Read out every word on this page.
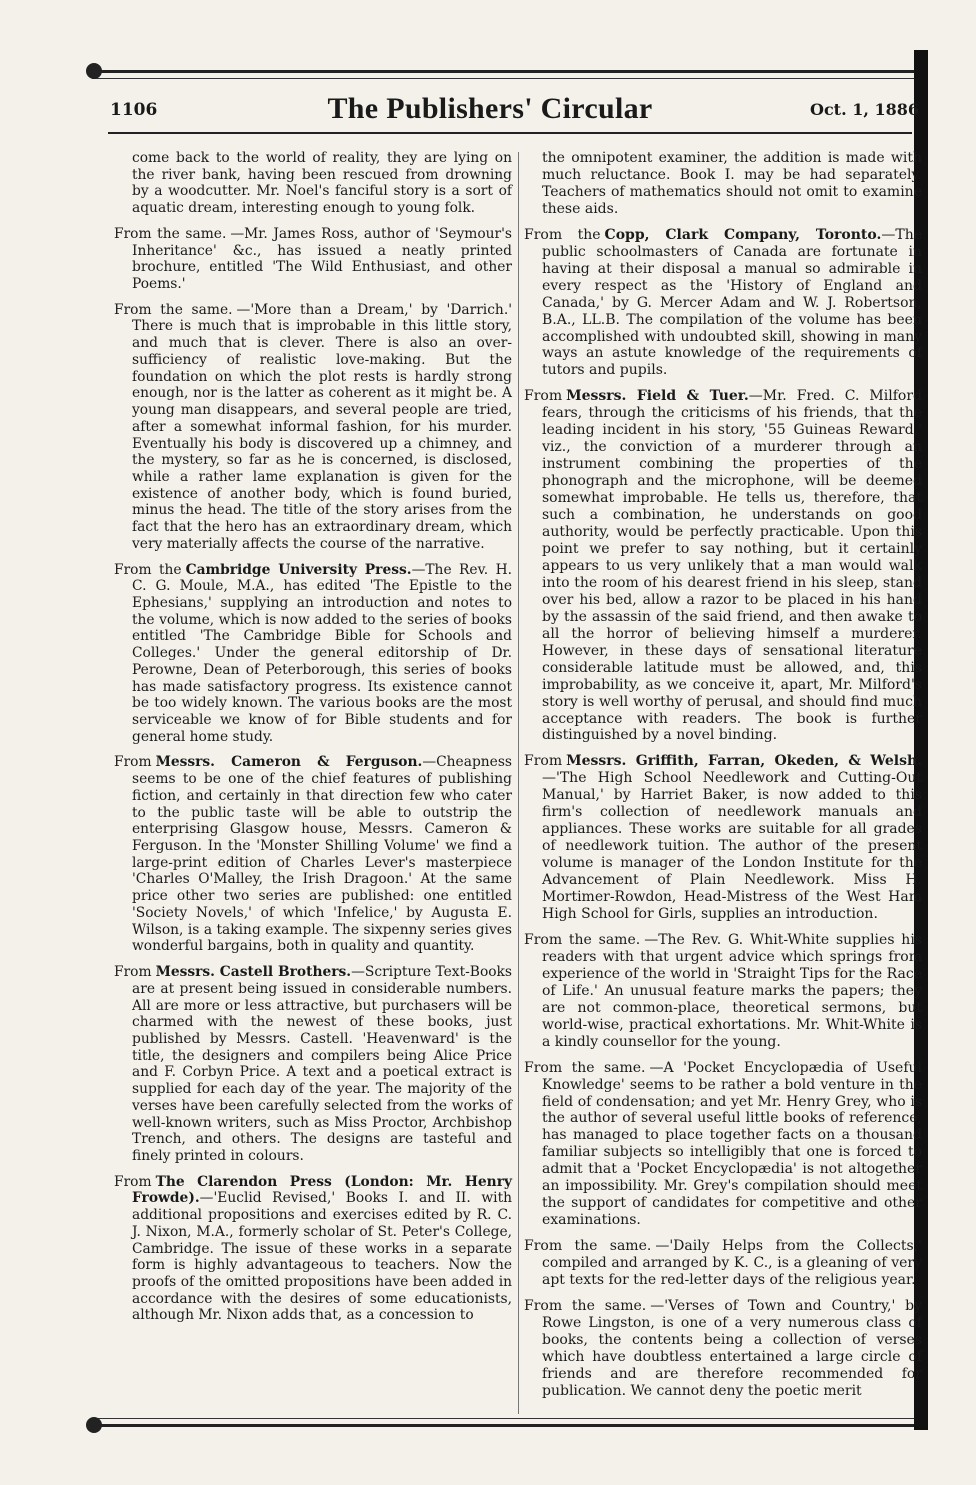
1106	The Publishers' Circular	Oct. 1, 1886

come back to the world of reality, they are lying on the river bank, having been rescued from drowning by a woodcutter. Mr. Noel's fanciful story is a sort of aquatic dream, interesting enough to young folk.

From the same. —Mr. James Ross, author of 'Seymour's Inheritance' &c., has issued a neatly printed brochure, entitled 'The Wild Enthusiast, and other Poems.'

From the same. —'More than a Dream,' by 'Darrich.' There is much that is improbable in this little story, and much that is clever. There is also an over-sufficiency of realistic love-making. But the foundation on which the plot rests is hardly strong enough, nor is the latter as coherent as it might be. A young man disappears, and several people are tried, after a somewhat informal fashion, for his murder. Eventually his body is discovered up a chimney, and the mystery, so far as he is concerned, is disclosed, while a rather lame explanation is given for the existence of another body, which is found buried, minus the head. The title of the story arises from the fact that the hero has an extraordinary dream, which very materially affects the course of the narrative.

From the Cambridge University Press.—The Rev. H. C. G. Moule, M.A., has edited 'The Epistle to the Ephesians,' supplying an introduction and notes to the volume, which is now added to the series of books entitled 'The Cambridge Bible for Schools and Colleges.' Under the general editorship of Dr. Perowne, Dean of Peterborough, this series of books has made satisfactory progress. Its existence cannot be too widely known. The various books are the most serviceable we know of for Bible students and for general home study.

From Messrs. Cameron & Ferguson.—Cheapness seems to be one of the chief features of publishing fiction, and certainly in that direction few who cater to the public taste will be able to outstrip the enterprising Glasgow house, Messrs. Cameron & Ferguson. In the 'Monster Shilling Volume' we find a large-print edition of Charles Lever's masterpiece 'Charles O'Malley, the Irish Dragoon.' At the same price other two series are published: one entitled 'Society Novels,' of which 'Infelice,' by Augusta E. Wilson, is a taking example. The sixpenny series gives wonderful bargains, both in quality and quantity.

From Messrs. Castell Brothers.—Scripture Text-Books are at present being issued in considerable numbers. All are more or less attractive, but purchasers will be charmed with the newest of these books, just published by Messrs. Castell. 'Heavenward' is the title, the designers and compilers being Alice Price and F. Corbyn Price. A text and a poetical extract is supplied for each day of the year. The majority of the verses have been carefully selected from the works of well-known writers, such as Miss Proctor, Archbishop Trench, and others. The designs are tasteful and finely printed in colours.

From The Clarendon Press (London: Mr. Henry Frowde).—'Euclid Revised,' Books I. and II. with additional propositions and exercises edited by R. C. J. Nixon, M.A., formerly scholar of St. Peter's College, Cambridge. The issue of these works in a separate form is highly advantageous to teachers. Now the proofs of the omitted propositions have been added in accordance with the desires of some educationists, although Mr. Nixon adds that, as a concession to

the omnipotent examiner, the addition is made with much reluctance. Book I. may be had separately. Teachers of mathematics should not omit to examine these aids.

From the Copp, Clark Company, Toronto.—The public schoolmasters of Canada are fortunate in having at their disposal a manual so admirable in every respect as the 'History of England and Canada,' by G. Mercer Adam and W. J. Robertson, B.A., LL.B. The compilation of the volume has been accomplished with undoubted skill, showing in many ways an astute knowledge of the requirements of tutors and pupils.

From Messrs. Field & Tuer.—Mr. Fred. C. Milford fears, through the criticisms of his friends, that the leading incident in his story, '55 Guineas Reward,' viz., the conviction of a murderer through an instrument combining the properties of the phonograph and the microphone, will be deemed somewhat improbable. He tells us, therefore, that such a combination, he understands on good authority, would be perfectly practicable. Upon this point we prefer to say nothing, but it certainly appears to us very unlikely that a man would walk into the room of his dearest friend in his sleep, stand over his bed, allow a razor to be placed in his hand by the assassin of the said friend, and then awake to all the horror of believing himself a murderer. However, in these days of sensational literature considerable latitude must be allowed, and, this improbability, as we conceive it, apart, Mr. Milford's story is well worthy of perusal, and should find much acceptance with readers. The book is further distinguished by a novel binding.

From Messrs. Griffith, Farran, Okeden, & Welsh.—'The High School Needlework and Cutting-Out Manual,' by Harriet Baker, is now added to this firm's collection of needlework manuals and appliances. These works are suitable for all grades of needlework tuition. The author of the present volume is manager of the London Institute for the Advancement of Plain Needlework. Miss H. Mortimer-Rowdon, Head-Mistress of the West Ham High School for Girls, supplies an introduction.

From the same. —The Rev. G. Whit-White supplies his readers with that urgent advice which springs from experience of the world in 'Straight Tips for the Race of Life.' An unusual feature marks the papers; they are not common-place, theoretical sermons, but world-wise, practical exhortations. Mr. Whit-White is a kindly counsellor for the young.

From the same. —A 'Pocket Encyclopædia of Useful Knowledge' seems to be rather a bold venture in the field of condensation; and yet Mr. Henry Grey, who is the author of several useful little books of reference, has managed to place together facts on a thousand familiar subjects so intelligibly that one is forced to admit that a 'Pocket Encyclopædia' is not altogether an impossibility. Mr. Grey's compilation should meet the support of candidates for competitive and other examinations.

From the same. —'Daily Helps from the Collects,' compiled and arranged by K. C., is a gleaning of very apt texts for the red-letter days of the religious year.

From the same. —'Verses of Town and Country,' by Rowe Lingston, is one of a very numerous class of books, the contents being a collection of verses which have doubtless entertained a large circle of friends and are therefore recommended for publication. We cannot deny the poetic merit
